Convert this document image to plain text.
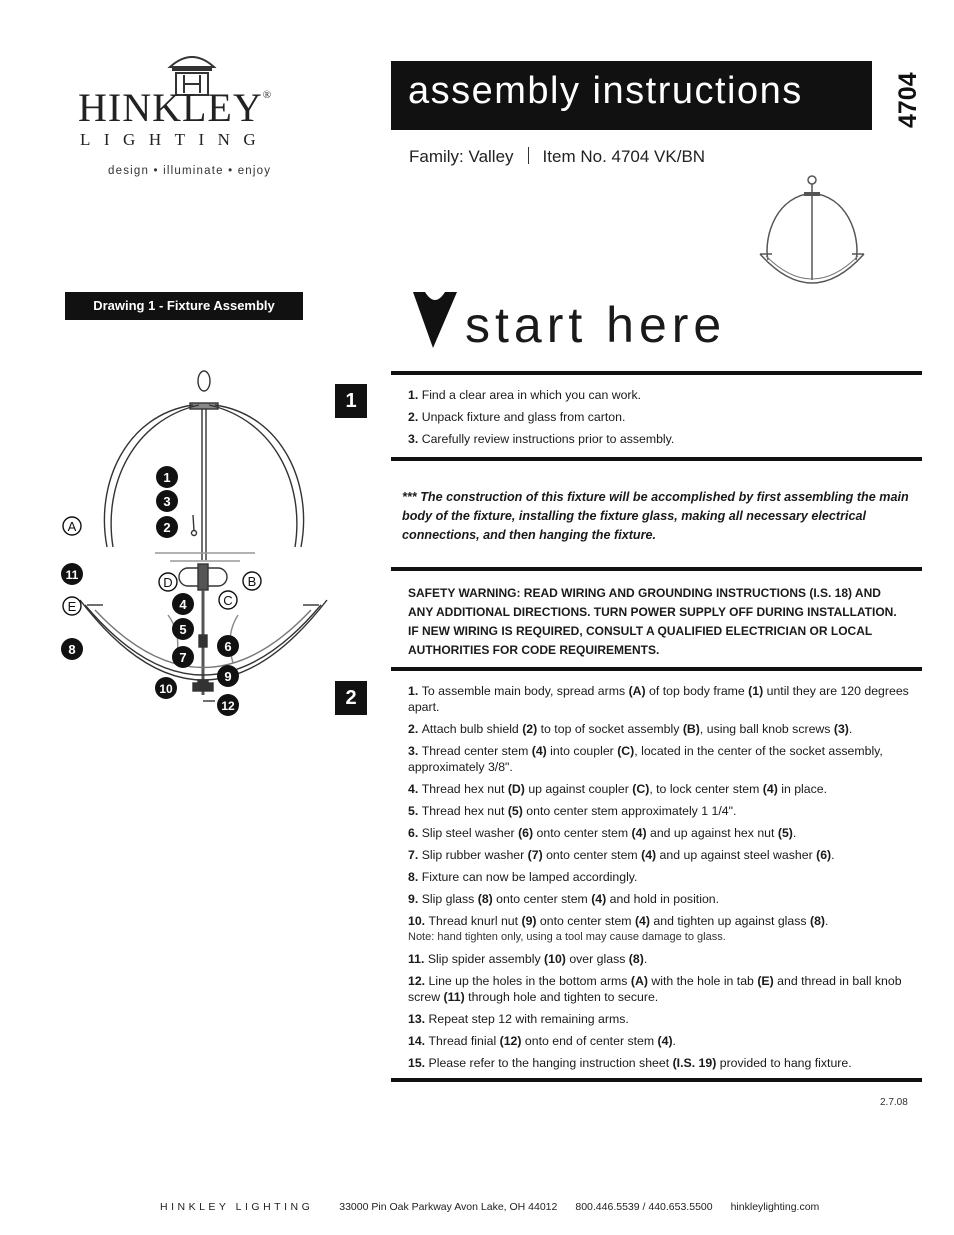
HINKLEY®
LIGHTING
design • illuminate • enjoy
assembly instructions	4704
Family: Valley Item No. 4704 VK/BN
Drawing 1 - Fixture Assembly
1
3
2
A
11	D	B
E	4	C
5
8	6
7
9
10
12
start here
1	1. Find a clear area in which you can work.

2. Unpack fixture and glass from carton.

3. Carefully review instructions prior to assembly.

*** The construction of this fixture will be accomplished by first assembling the main body of the fixture, installing the fixture glass, making all necessary electrical connections, and then hanging the fixture.
SAFETY WARNING: READ WIRING AND GROUNDING INSTRUCTIONS (I.S. 18) AND ANY ADDITIONAL DIRECTIONS. TURN POWER SUPPLY OFF DURING INSTALLATION. IF NEW WIRING IS REQUIRED, CONSULT A QUALIFIED ELECTRICIAN OR LOCAL AUTHORITIES FOR CODE REQUIREMENTS.
2	1. To assemble main body, spread arms (A) of top body frame (1) until they are 120 degrees apart.

2. Attach bulb shield (2) to top of socket assembly (B), using ball knob screws (3).

3. Thread center stem (4) into coupler (C), located in the center of the socket assembly, approximately 3/8".

4. Thread hex nut (D) up against coupler (C), to lock center stem (4) in place.

5. Thread hex nut (5) onto center stem approximately 1 1/4".

6. Slip steel washer (6) onto center stem (4) and up against hex nut (5).

7. Slip rubber washer (7) onto center stem (4) and up against steel washer (6).

8. Fixture can now be lamped accordingly.

9. Slip glass (8) onto center stem (4) and hold in position.

10. Thread knurl nut (9) onto center stem (4) and tighten up against glass (8).
Note: hand tighten only, using a tool may cause damage to glass.

11. Slip spider assembly (10) over glass (8).

12. Line up the holes in the bottom arms (A) with the hole in tab (E) and thread in ball knob screw (11) through hole and tighten to secure.

13. Repeat step 12 with remaining arms.

14. Thread finial (12) onto end of center stem (4).

15. Please refer to the hanging instruction sheet (I.S. 19) provided to hang fixture.

2.7.08
HINKLEY LIGHTING 33000 Pin Oak Parkway Avon Lake, OH 44012 800.446.5539 / 440.653.5500 hinkleylighting.com
